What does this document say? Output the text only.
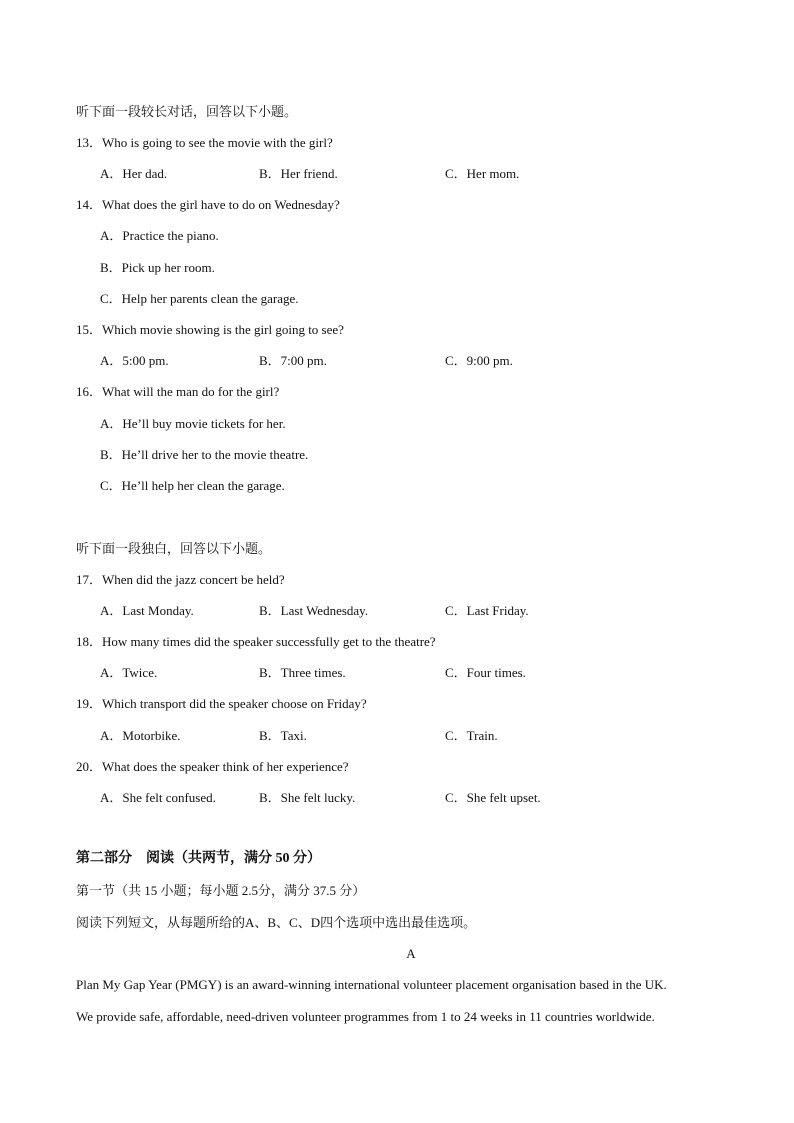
听下面一段较长对话，回答以下小题。
13．Who is going to see the movie with the girl?
A．Her dad.	B．Her friend.	C．Her mom.
14．What does the girl have to do on Wednesday?
A．Practice the piano.
B．Pick up her room.
C．Help her parents clean the garage.
15．Which movie showing is the girl going to see?
A．5:00 pm.	B．7:00 pm.	C．9:00 pm.
16．What will the man do for the girl?
A．He’ll buy movie tickets for her.
B．He’ll drive her to the movie theatre.
C．He’ll help her clean the garage.
听下面一段独白，回答以下小题。
17．When did the jazz concert be held?
A．Last Monday.	B．Last Wednesday.	C．Last Friday.
18．How many times did the speaker successfully get to the theatre?
A．Twice.	B．Three times.	C．Four times.
19．Which transport did the speaker choose on Friday?
A．Motorbike.	B．Taxi.	C．Train.
20．What does the speaker think of her experience?
A．She felt confused.	B．She felt lucky.	C．She felt upset.
第二部分　阅读（共两节，满分 50 分）
第一节（共 15 小题；每小题 2.5分，满分 37.5 分）
阅读下列短文，从每题所给的A、B、C、D四个选项中选出最佳选项。
A
Plan My Gap Year (PMGY) is an award-winning international volunteer placement organisation based in the UK.
We provide safe, affordable, need-driven volunteer programmes from 1 to 24 weeks in 11 countries worldwide.
